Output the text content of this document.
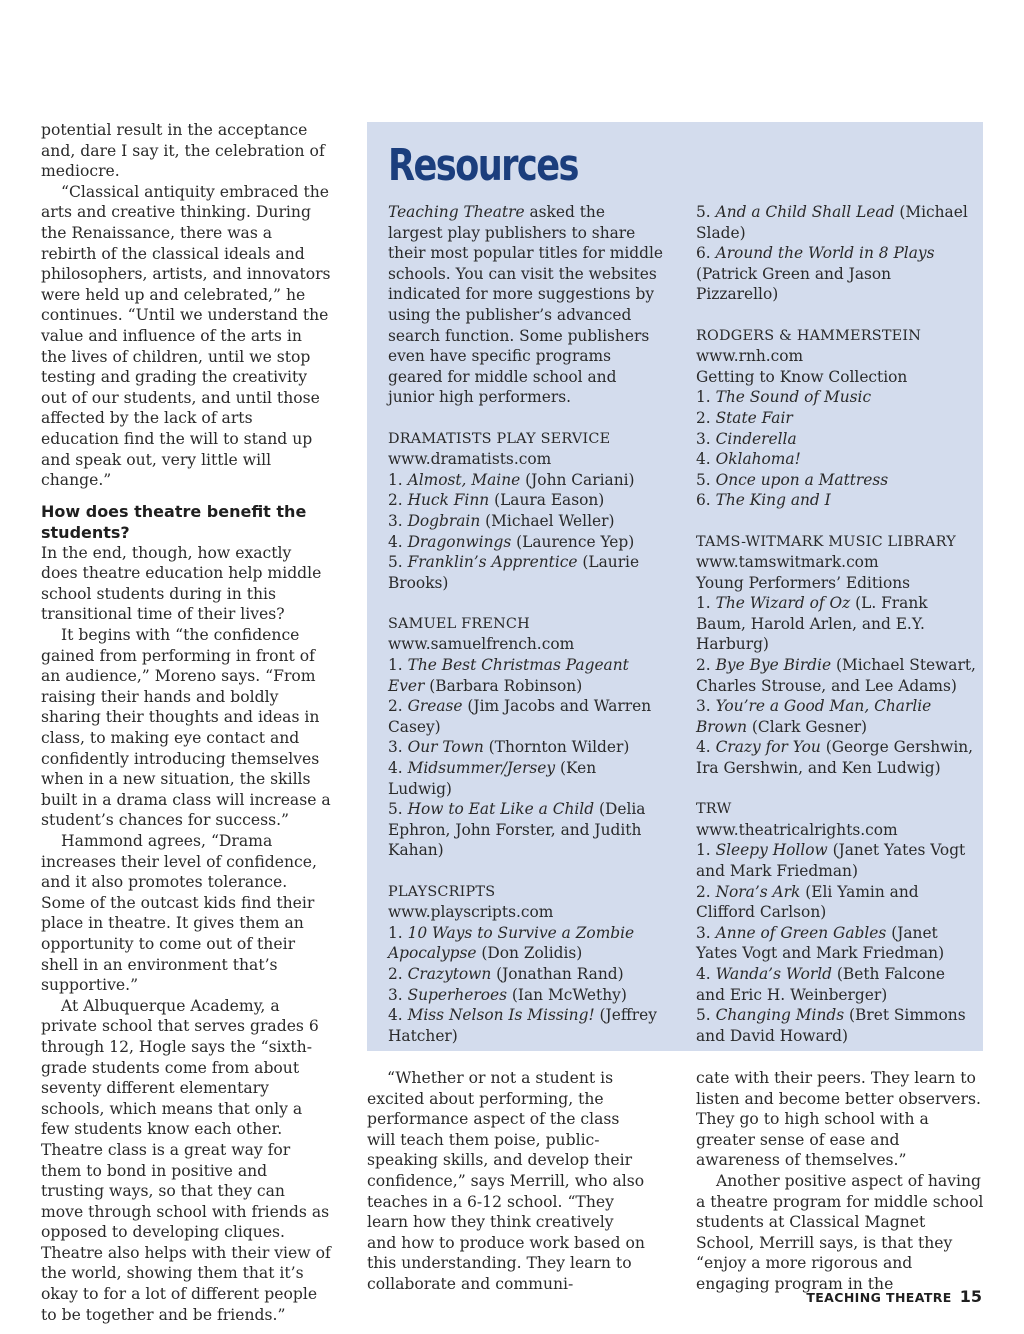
potential result in the acceptance and, dare I say it, the celebration of mediocre.

“Classical antiquity embraced the arts and creative thinking. During the Renaissance, there was a rebirth of the classical ideals and philosophers, artists, and innovators were held up and celebrated,” he continues. “Until we understand the value and influence of the arts in the lives of children, until we stop testing and grading the creativity out of our students, and until those affected by the lack of arts education find the will to stand up and speak out, very little will change.”

How does theatre benefit the students?

In the end, though, how exactly does theatre education help middle school students during in this transitional time of their lives?

It begins with “the confidence gained from performing in front of an audience,” Moreno says. “From raising their hands and boldly sharing their thoughts and ideas in class, to making eye contact and confidently introducing themselves when in a new situation, the skills built in a drama class will increase a student’s chances for success.”

Hammond agrees, “Drama increases their level of confidence, and it also promotes tolerance. Some of the outcast kids find their place in theatre. It gives them an opportunity to come out of their shell in an environment that’s supportive.”

At Albuquerque Academy, a private school that serves grades 6 through 12, Hogle says the “sixth-grade students come from about seventy different elementary schools, which means that only a few students know each other. Theatre class is a great way for them to bond in positive and trusting ways, so that they can move through school with friends as opposed to developing cliques. Theatre also helps with their view of the world, showing them that it’s okay to for a lot of different people to be together and be friends.”

Resources

Teaching Theatre asked the largest play publishers to share their most popular titles for middle schools. You can visit the websites indicated for more suggestions by using the publisher’s advanced search function. Some publishers even have specific programs geared for middle school and junior high performers.

DRAMATISTS PLAY SERVICE

www.dramatists.com

1. Almost, Maine (John Cariani)

2. Huck Finn (Laura Eason)

3. Dogbrain (Michael Weller)

4. Dragonwings (Laurence Yep)

5. Franklin’s Apprentice (Laurie Brooks)

SAMUEL FRENCH

www.samuelfrench.com

1. The Best Christmas Pageant Ever (Barbara Robinson)

2. Grease (Jim Jacobs and Warren Casey)

3. Our Town (Thornton Wilder)

4. Midsummer/Jersey (Ken Ludwig)

5. How to Eat Like a Child (Delia Ephron, John Forster, and Judith Kahan)

PLAYSCRIPTS

www.playscripts.com

1. 10 Ways to Survive a Zombie Apocalypse (Don Zolidis)

2. Crazytown (Jonathan Rand)

3. Superheroes (Ian McWethy)

4. Miss Nelson Is Missing! (Jeffrey Hatcher)

5. And a Child Shall Lead (Michael Slade)

6. Around the World in 8 Plays (Patrick Green and Jason Pizzarello)

RODGERS & HAMMERSTEIN

www.rnh.com

Getting to Know Collection

1. The Sound of Music

2. State Fair

3. Cinderella

4. Oklahoma!

5. Once upon a Mattress

6. The King and I

TAMS-WITMARK MUSIC LIBRARY

www.tamswitmark.com

Young Performers’ Editions

1. The Wizard of Oz (L. Frank Baum, Harold Arlen, and E.Y. Harburg)

2. Bye Bye Birdie (Michael Stewart, Charles Strouse, and Lee Adams)

3. You’re a Good Man, Charlie Brown (Clark Gesner)

4. Crazy for You (George Gershwin, Ira Gershwin, and Ken Ludwig)

TRW

www.theatricalrights.com

1. Sleepy Hollow (Janet Yates Vogt and Mark Friedman)

2. Nora’s Ark (Eli Yamin and Clifford Carlson)

3. Anne of Green Gables (Janet Yates Vogt and Mark Friedman)

4. Wanda’s World (Beth Falcone and Eric H. Weinberger)

5. Changing Minds (Bret Simmons and David Howard)

“Whether or not a student is excited about performing, the performance aspect of the class will teach them poise, public-speaking skills, and develop their confidence,” says Merrill, who also teaches in a 6-12 school. “They learn how they think creatively and how to produce work based on this understanding. They learn to collaborate and communi-

cate with their peers. They learn to listen and become better observers. They go to high school with a greater sense of ease and awareness of themselves.”

Another positive aspect of having a theatre program for middle school students at Classical Magnet School, Merrill says, is that they “enjoy a more rigorous and engaging program in the

TEACHING THEATRE 15
